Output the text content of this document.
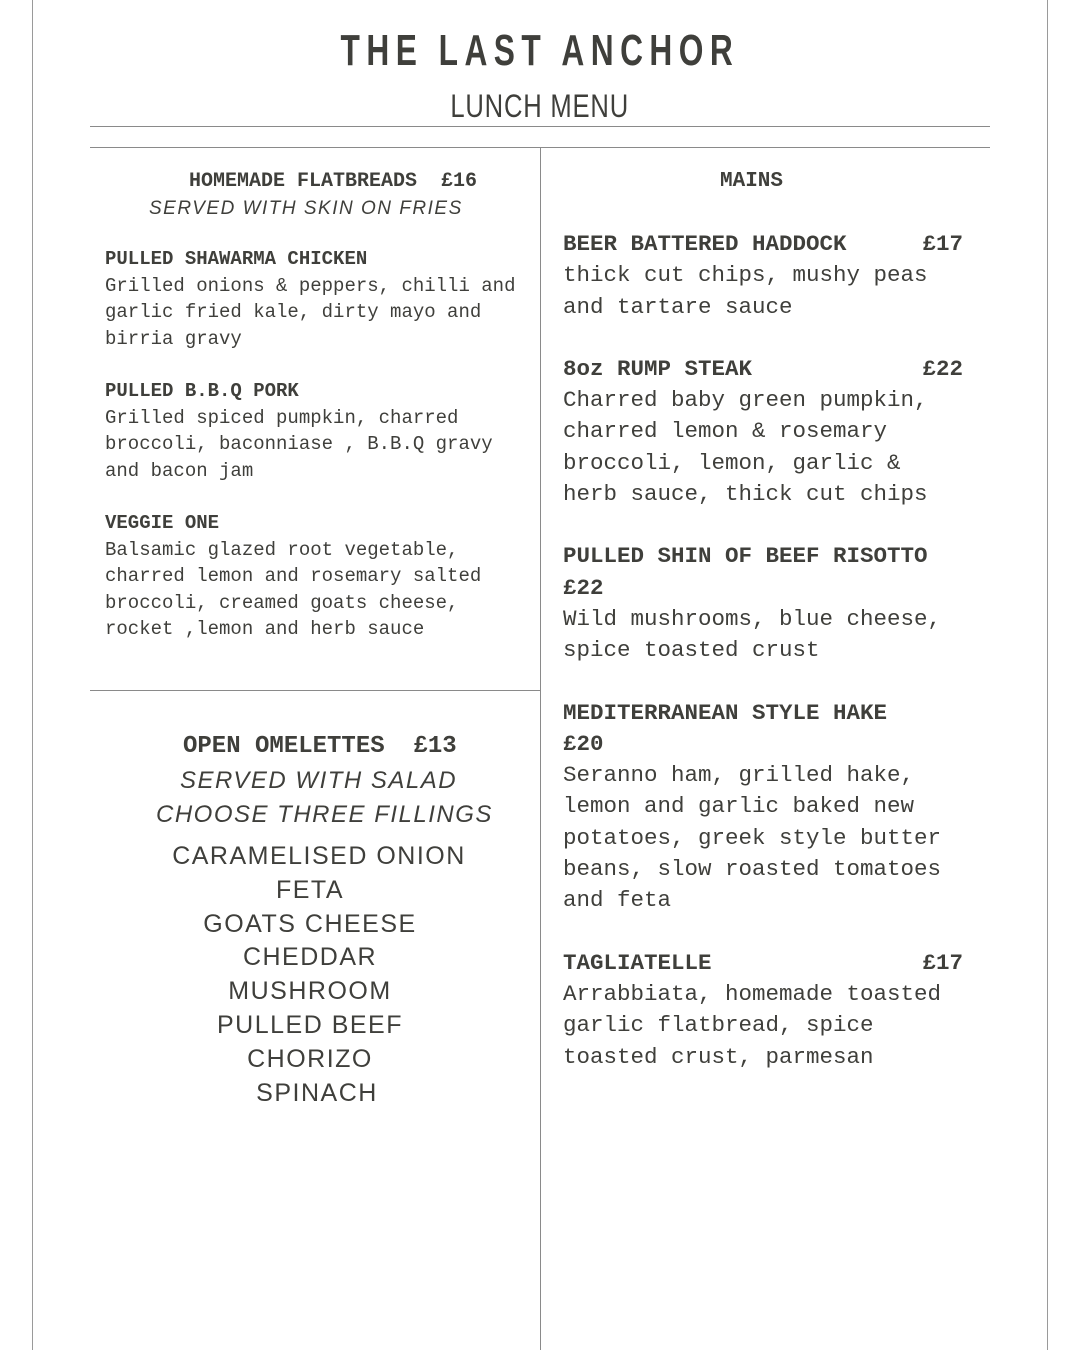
THE LAST ANCHOR
LUNCH MENU
HOMEMADE FLATBREADS  £16
SERVED WITH SKIN ON FRIES
PULLED SHAWARMA CHICKEN
Grilled onions & peppers, chilli and garlic fried kale, dirty mayo and birria gravy
PULLED B.B.Q PORK
Grilled spiced pumpkin, charred broccoli, baconniase , B.B.Q gravy and bacon jam
VEGGIE ONE
Balsamic glazed root vegetable, charred lemon and rosemary salted broccoli, creamed goats cheese, rocket ,lemon and herb sauce
OPEN OMELETTES  £13
SERVED WITH SALAD
CHOOSE THREE FILLINGS
CARAMELISED ONION
FETA
GOATS CHEESE
CHEDDAR
MUSHROOM
PULLED BEEF
CHORIZO
SPINACH
MAINS
BEER BATTERED HADDOCK	£17
thick cut chips, mushy peas and tartare sauce
8oz RUMP STEAK	£22
Charred baby green pumpkin, charred lemon & rosemary broccoli, lemon, garlic & herb sauce, thick cut chips
PULLED SHIN OF BEEF RISOTTO
£22
Wild mushrooms, blue cheese, spice toasted crust
MEDITERRANEAN STYLE HAKE
£20
Seranno ham, grilled hake, lemon and garlic baked new potatoes, greek style butter beans, slow roasted tomatoes and feta
TAGLIATELLE	£17
Arrabbiata, homemade toasted garlic flatbread, spice toasted crust, parmesan
